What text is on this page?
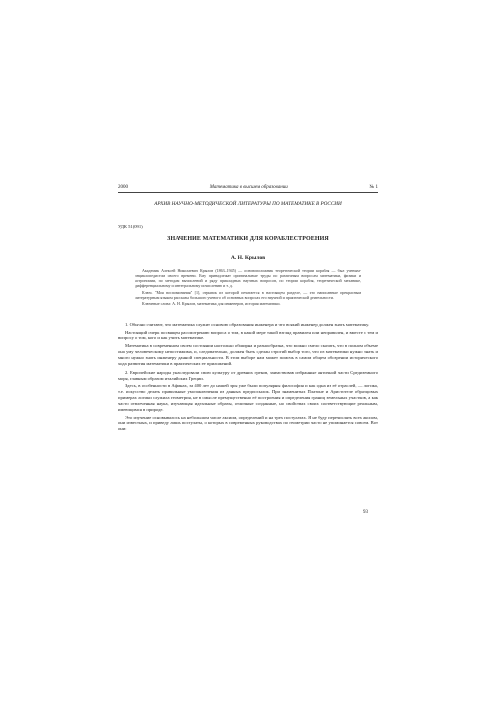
2000	Математика в высшем образовании	№ 1
АРХИВ НАУЧНО-МЕТОДИЧЕСКОЙ ЛИТЕРАТУРЫ ПО МАТЕМАТИКЕ В РОССИИ
УДК 51(091)
ЗНАЧЕНИЕ МАТЕМАТИКИ ДЛЯ КОРАБЛЕСТРОЕНИЯ
А. Н. Крылов

Академик Алексей Николаевич Крылов (1863–1945) — основоположник теоретической теории корабля — был ученым-энциклопедистом своего времени. Ему принадлежат оригинальные труды по различным вопросам математики, физики и астрономии, по методам вычислений и ряду прикладных научных вопросов, по теории корабля, теоретической механике, дифференциальному и интегральному исчислению и т. д.

Ключ. "Моя воспоминания" [1], отрывок из которой печатается в настоящем разделе, — это написанные прекрасным литературным языком рассказы большого ученого об основных вопросах его научной и практической деятельности.

Ключевые слова: А. Н. Крылов, математика для инженеров, история математики.

1. Обычно считают, что математика служит основою образования инженера и что всякий инженер должен знать математику.

Настоящий очерк посвящен рассмотрению вопроса о том, в какой мере такой взгляд правилен или неправилен, и вместе с тем и вопросу о том, кого и как учить математике.

Математика в современном своем состоянии настолько обширна и разнообразна, что можно смело сказать, что в полном объеме она уму человеческому непостижима, и, следовательно, должен быть сделан строгий выбор того, что из математики нужно знать и много нужно знать инженеру данной специальности. В этом выборе нам может помочь в самом общем обозрении исторического хода развития математики в практических ее приложений.

2. Европейские народы унаследовали свою культуру от древних греков, заимствовав избранные античной части Средиземного моря, главным образом италийских Греции.

Здесь, в особенности в Афинах, за 400 лет до нашей эры уже были популярны философия и как одна из её отраслей, — логика, т.е. искусство делать правильные умозаключения из данных предпосылок. При знаменитых Платоне и Аристотеле образцовых примерах логики служила геометрия, не в смысле премущественно её построения и определения границ земельных участков, а как часто отвлеченная наука, изучающая идеальные образы, отличные созданные, но свойствах своих соответствующие реальным, имеющимся в природе.

Это изучение основывалось на небольшом числе аксиом, определений и на трех постулатах. Я не буду перечислять всех аксиом, они известных, и приведу лишь постулаты, о которых в современных руководствах по геометрии часто не упоминается совсем. Вот они:

93
